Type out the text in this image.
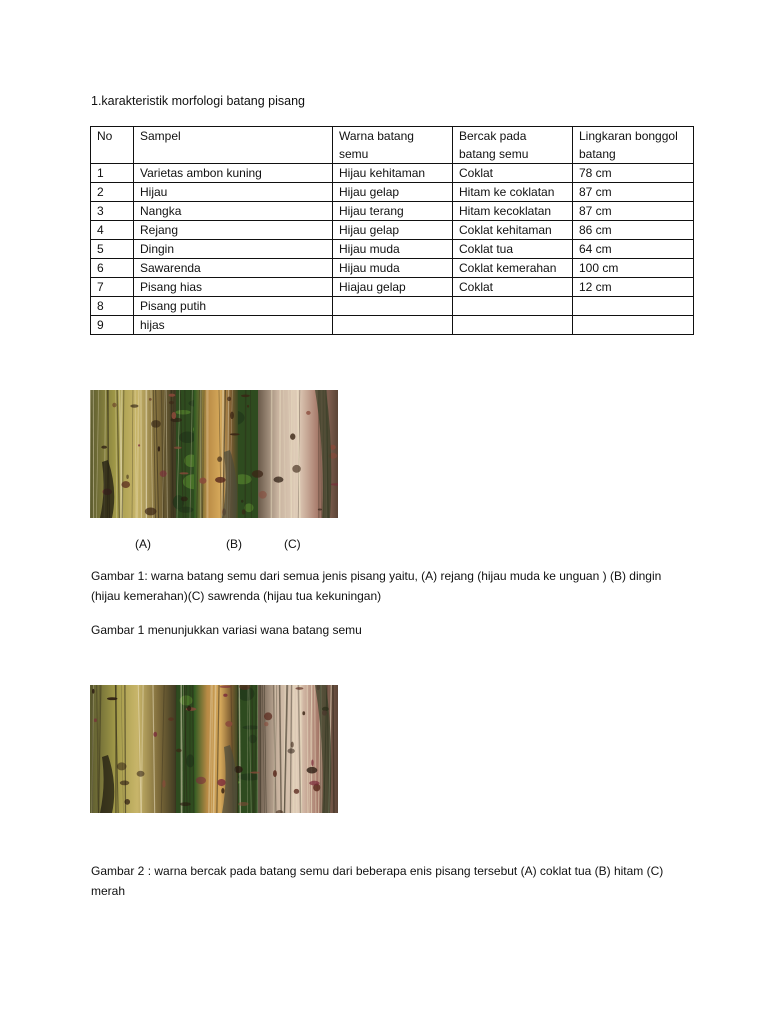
1.karakteristik morfologi batang pisang
No	Sampel	Warna batang semu	Bercak pada batang semu	Lingkaran bonggol batang
1	Varietas ambon kuning	Hijau kehitaman	Coklat	78 cm
2	Hijau	Hijau gelap	Hitam ke coklatan	87 cm
3	Nangka	Hijau terang	Hitam kecoklatan	87 cm
4	Rejang	Hijau gelap	Coklat kehitaman	86 cm
5	Dingin	Hijau muda	Coklat tua	64 cm
6	Sawarenda	Hijau muda	Coklat kemerahan	100 cm
7	Pisang hias	Hiajau gelap	Coklat	12 cm
8	Pisang putih			
9	hijas			
(A)	(B)	(C)
Gambar 1: warna batang semu dari semua jenis pisang yaitu, (A) rejang (hijau muda ke unguan ) (B) dingin (hijau kemerahan)(C) sawrenda (hijau tua kekuningan)
Gambar 1 menunjukkan variasi wana batang semu
Gambar 2 : warna bercak pada batang semu dari beberapa enis pisang tersebut (A) coklat tua (B) hitam (C) merah
